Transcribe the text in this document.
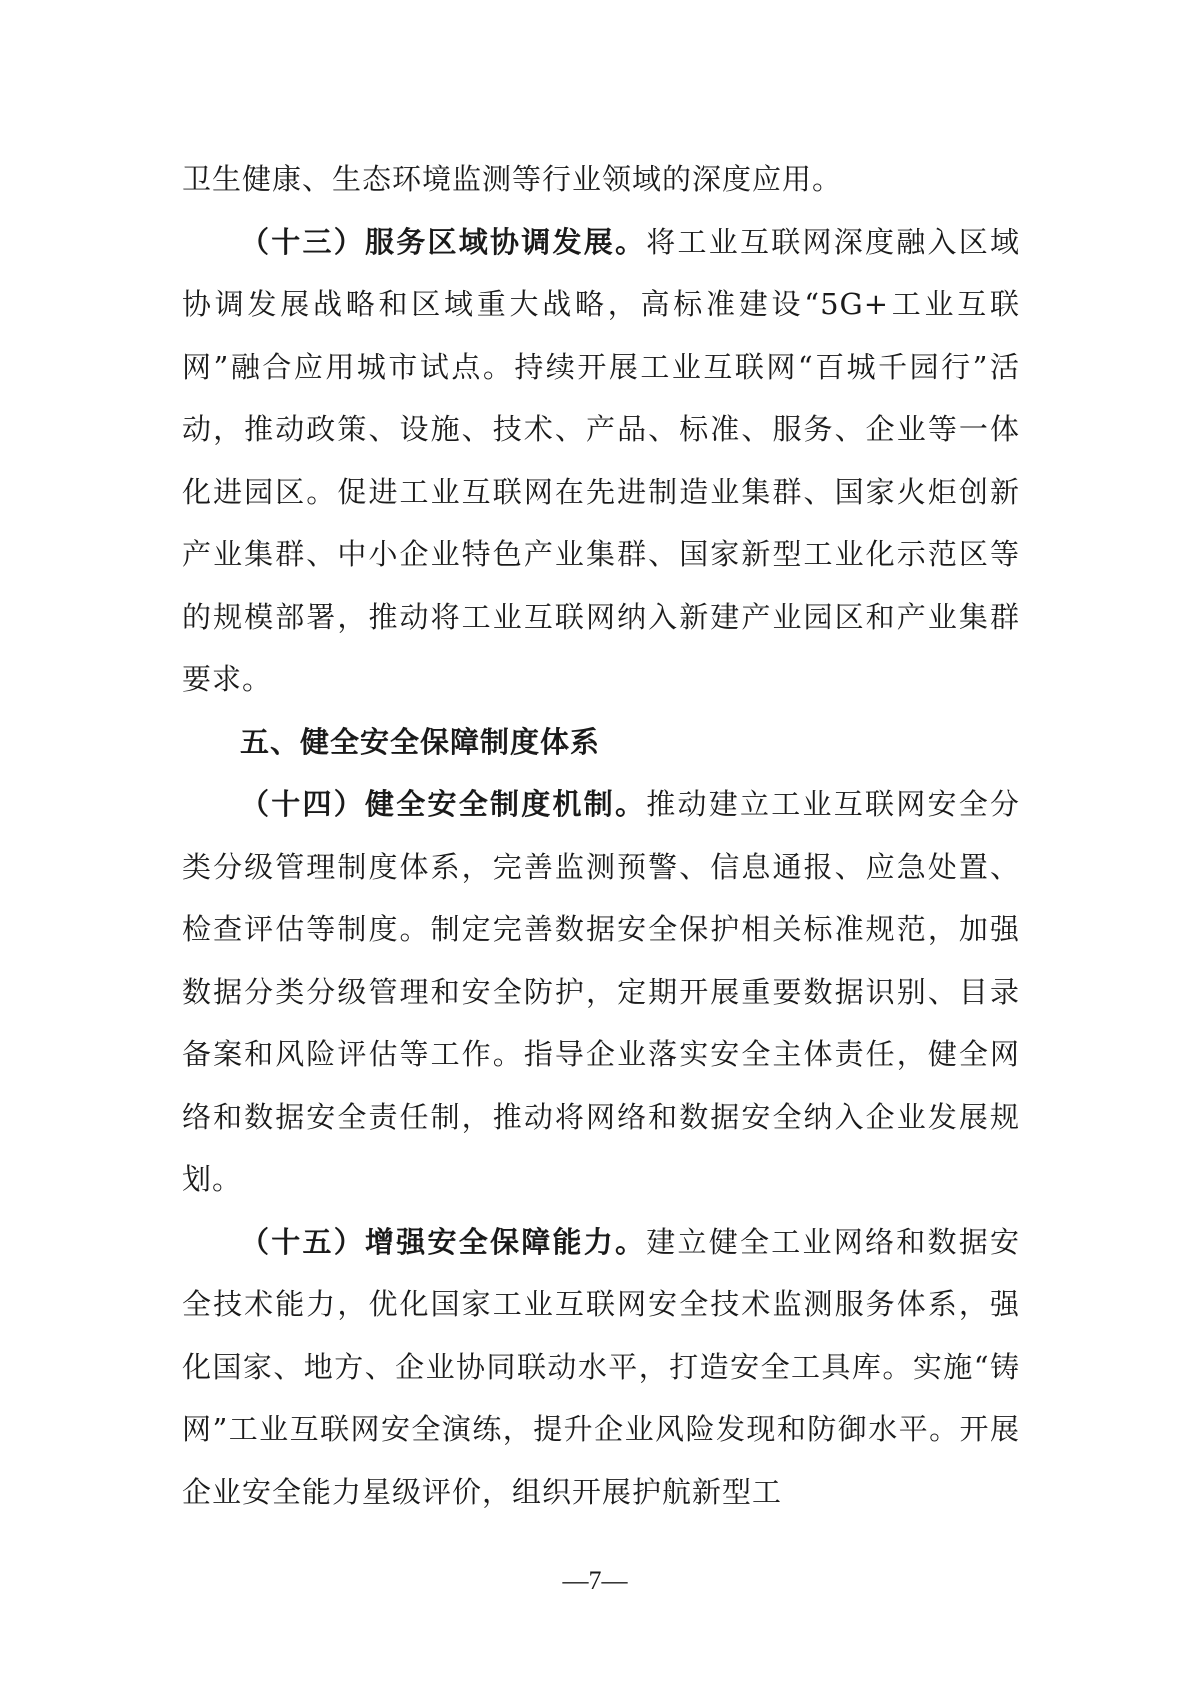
卫生健康、生态环境监测等行业领域的深度应用。

（十三）服务区域协调发展。将工业互联网深度融入区域协调发展战略和区域重大战略，高标准建设“5G+工业互联网”融合应用城市试点。持续开展工业互联网“百城千园行”活动，推动政策、设施、技术、产品、标准、服务、企业等一体化进园区。促进工业互联网在先进制造业集群、国家火炬创新产业集群、中小企业特色产业集群、国家新型工业化示范区等的规模部署，推动将工业互联网纳入新建产业园区和产业集群要求。

五、健全安全保障制度体系

（十四）健全安全制度机制。推动建立工业互联网安全分类分级管理制度体系，完善监测预警、信息通报、应急处置、检查评估等制度。制定完善数据安全保护相关标准规范，加强数据分类分级管理和安全防护，定期开展重要数据识别、目录备案和风险评估等工作。指导企业落实安全主体责任，健全网络和数据安全责任制，推动将网络和数据安全纳入企业发展规划。

（十五）增强安全保障能力。建立健全工业网络和数据安全技术能力，优化国家工业互联网安全技术监测服务体系，强化国家、地方、企业协同联动水平，打造安全工具库。实施“铸网”工业互联网安全演练，提升企业风险发现和防御水平。开展企业安全能力星级评价，组织开展护航新型工

—7—
